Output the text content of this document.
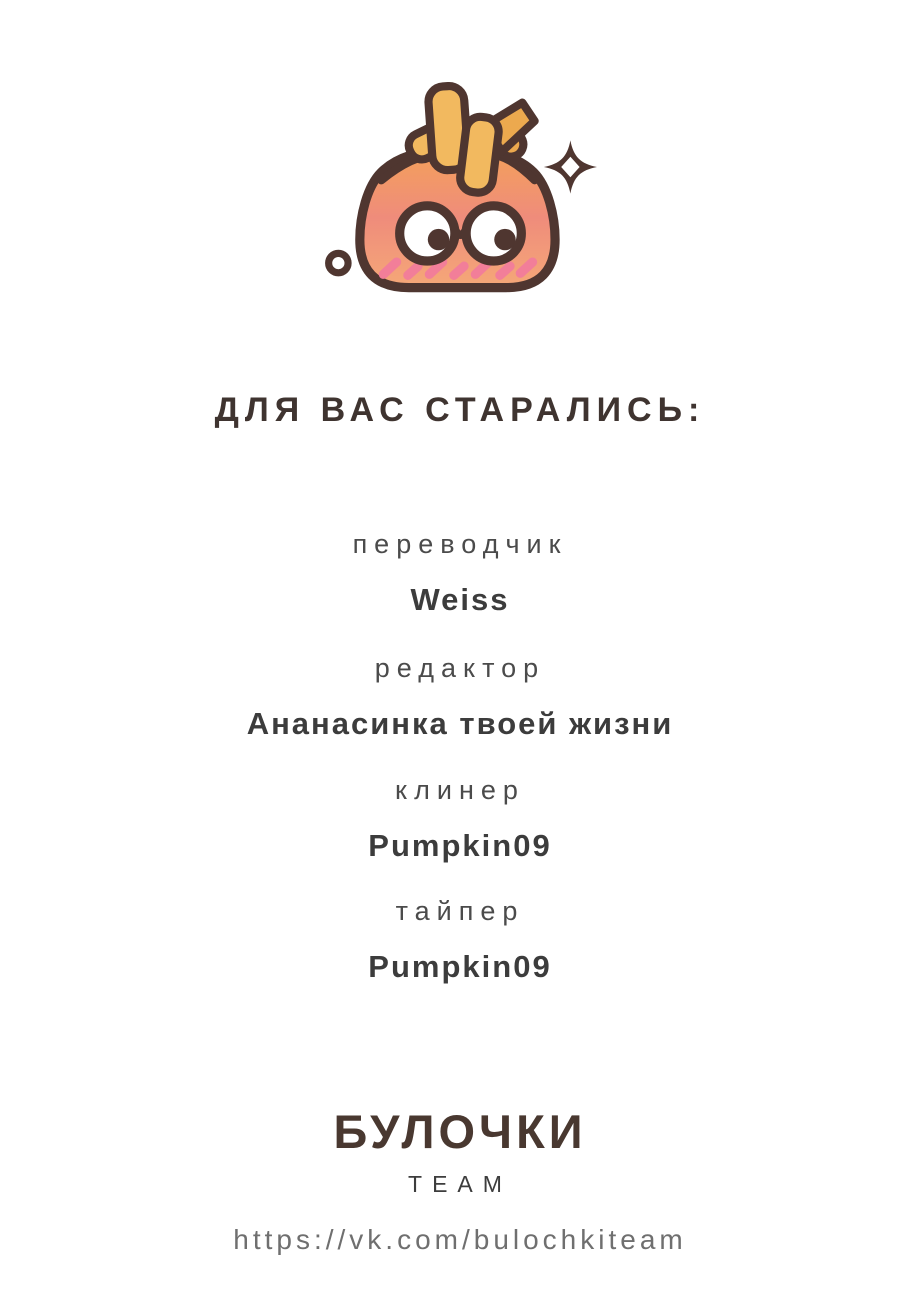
ДЛЯ ВАС СТАРАЛИСЬ:
переводчик
Weiss
редактор
Ананасинка твоей жизни
клинер
Pumpkin09
тайпер
Pumpkin09
БУЛОЧКИ
TEAM
https://vk.com/bulochkiteam
